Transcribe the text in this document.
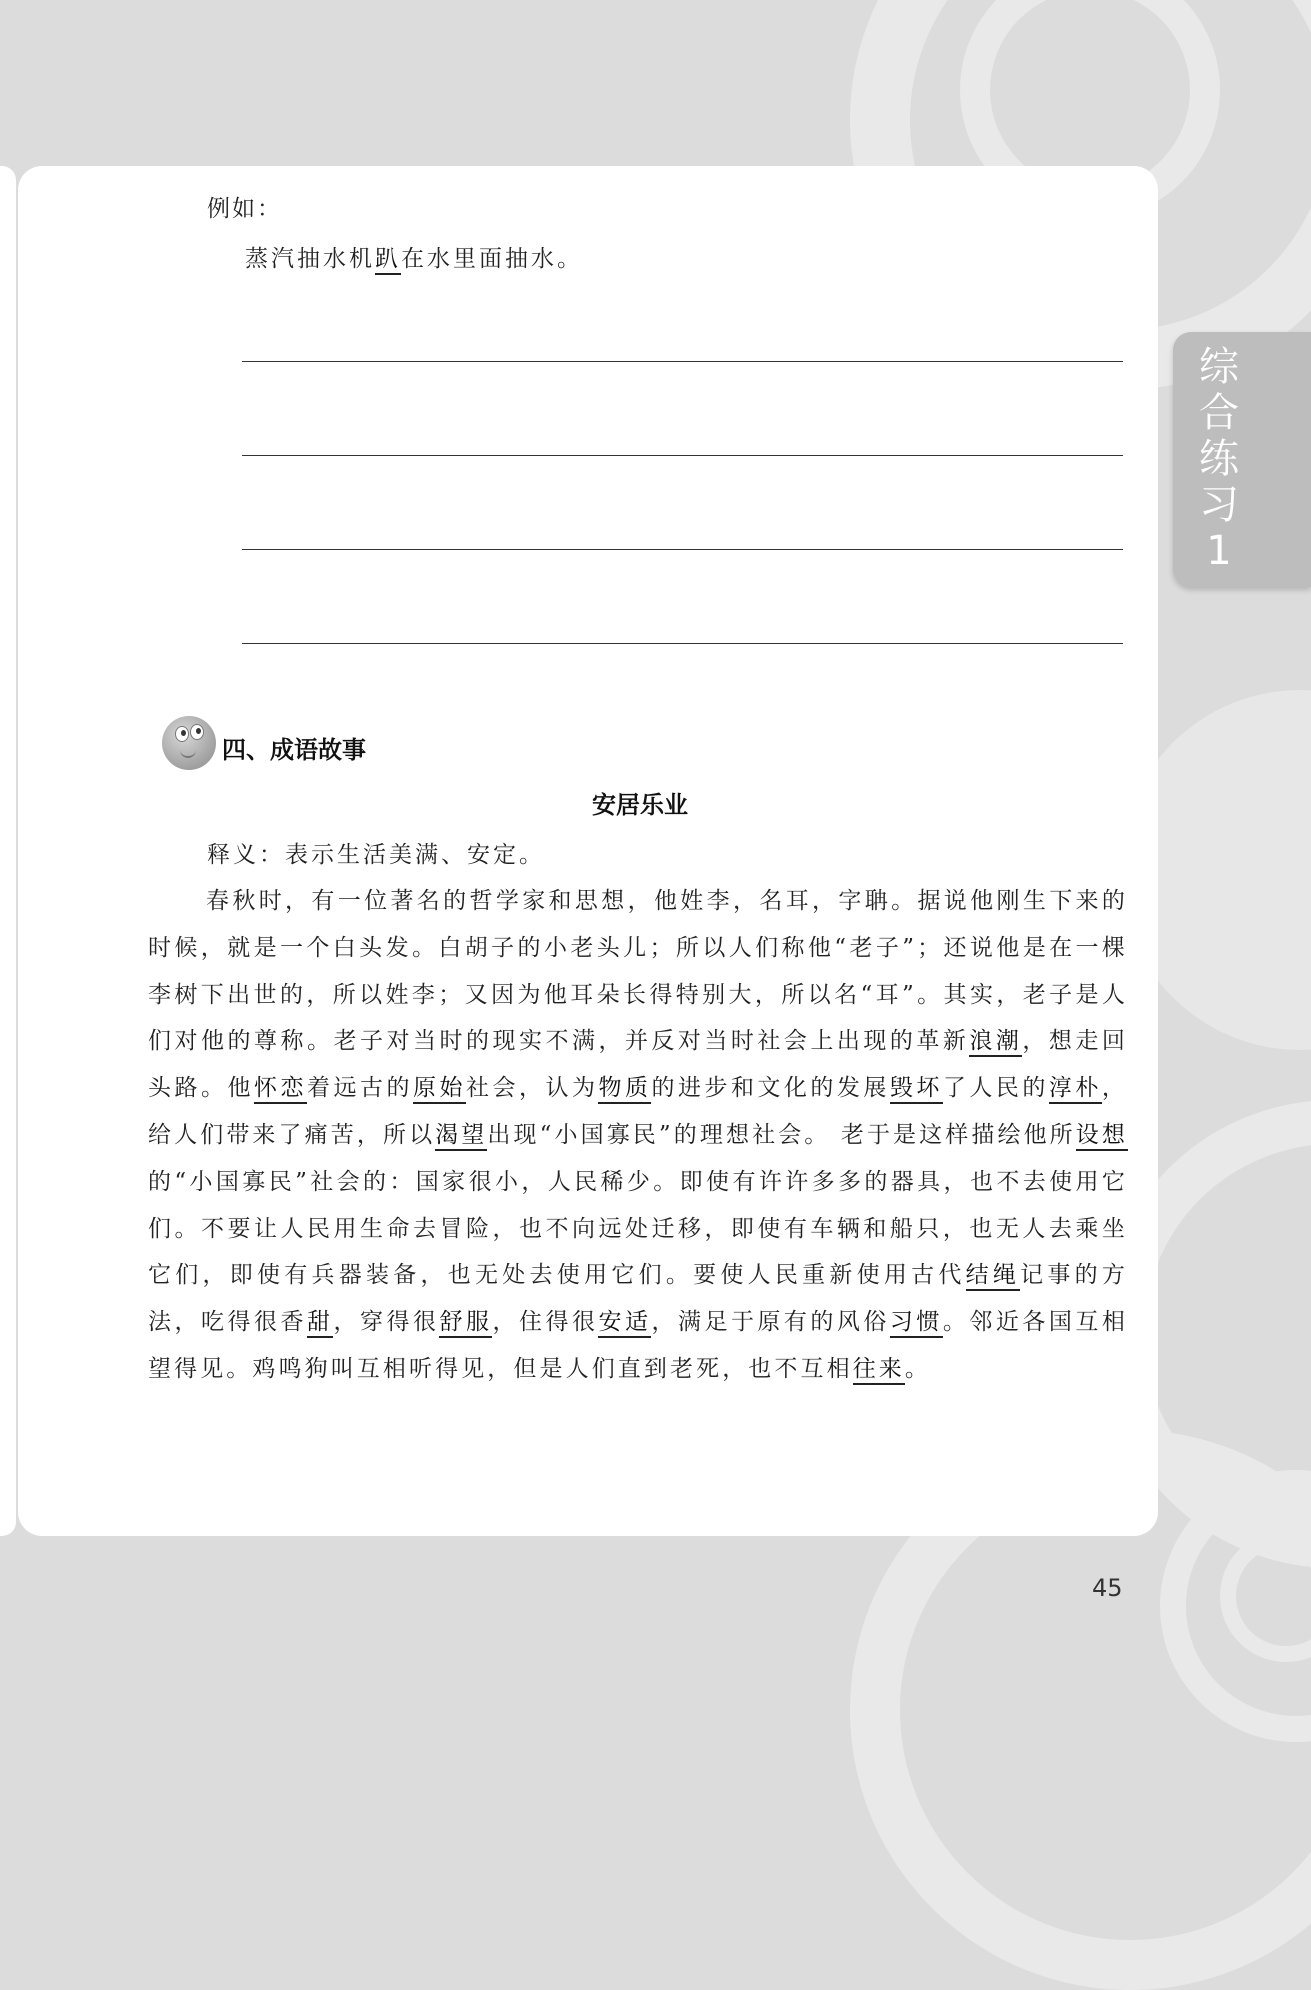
综
合
练
习
1
例如：
蒸汽抽水机趴在水里面抽水。
四、成语故事
安居乐业
释义：表示生活美满、安定。

春秋时，有一位著名的哲学家和思想，他姓李，名耳，字聃。据说他刚生下来的时候，就是一个白头发。白胡子的小老头儿；所以人们称他“老子”；还说他是在一棵李树下出世的，所以姓李；又因为他耳朵长得特别大，所以名“耳”。其实，老子是人们对他的尊称。老子对当时的现实不满，并反对当时社会上出现的革新浪潮，想走回头路。他怀恋着远古的原始社会，认为物质的进步和文化的发展毁坏了人民的淳朴，给人们带来了痛苦，所以渴望出现“小国寡民”的理想社会。 老于是这样描绘他所设想的“小国寡民”社会的：国家很小，人民稀少。即使有许许多多的器具，也不去使用它们。不要让人民用生命去冒险，也不向远处迁移，即使有车辆和船只，也无人去乘坐它们，即使有兵器装备，也无处去使用它们。要使人民重新使用古代结绳记事的方法，吃得很香甜，穿得很舒服，住得很安适，满足于原有的风俗习惯。邻近各国互相望得见。鸡鸣狗叫互相听得见，但是人们直到老死，也不互相往来。

45
